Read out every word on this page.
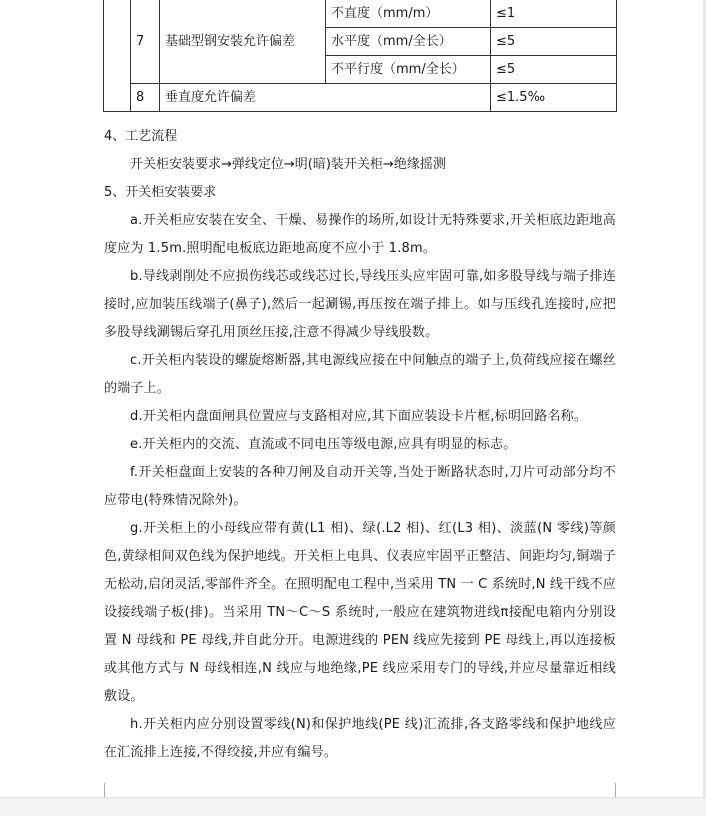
	7	基础型钢安装允许偏差	不直度（mm/m）	≤1
			水平度（mm/全长）	≤5
			不平行度（mm/全长）	≤5
	8	垂直度允许偏差		≤1.5‰

4、工艺流程

开关柜安装要求→弹线定位→明(暗)装开关柜→绝缘摇测

5、开关柜安装要求

a.开关柜应安装在安全、干燥、易操作的场所,如设计无特殊要求,开关柜底边距地高度应为 1.5m.照明配电板底边距地高度不应小于 1.8m。

b.导线剥削处不应损伤线芯或线芯过长,导线压头应牢固可靠,如多股导线与端子排连接时,应加装压线端子(鼻子),然后一起涮锡,再压按在端子排上。如与压线孔连接时,应把多股导线涮锡后穿孔用顶丝压接,注意不得减少导线股数。

c.开关柜内装设的螺旋熔断器,其电源线应接在中间触点的端子上,负荷线应接在螺丝的端子上。

d.开关柜内盘面闸具位置应与支路相对应,其下面应装设卡片框,标明回路名称。

e.开关柜内的交流、直流或不同电压等级电源,应具有明显的标志。

f.开关柜盘面上安装的各种刀闸及自动开关等,当处于断路状态时,刀片可动部分均不应带电(特殊情况除外)。

g.开关柜上的小母线应带有黄(L1 相)、绿(.L2 相)、红(L3 相)、淡蓝(N 零线)等颜色,黄绿相间双色线为保护地线。开关柜上电具、仪表应牢固平正整洁、间距均匀,铜端子无松动,启闭灵活,零部件齐全。在照明配电工程中,当采用 TN 一 C 系统时,N 线干线不应设接线端子板(排)。当采用 TN～C～S 系统时,一般应在建筑物进线π接配电箱内分别设置 N 母线和 PE 母线,并自此分开。电源进线的 PEN 线应先接到 PE 母线上,再以连接板或其他方式与 N 母线相连,N 线应与地绝缘,PE 线应采用专门的导线,并应尽量靠近相线敷设。

h.开关柜内应分别设置零线(N)和保护地线(PE 线)汇流排,各支路零线和保护地线应在汇流排上连接,不得绞接,并应有编号。
